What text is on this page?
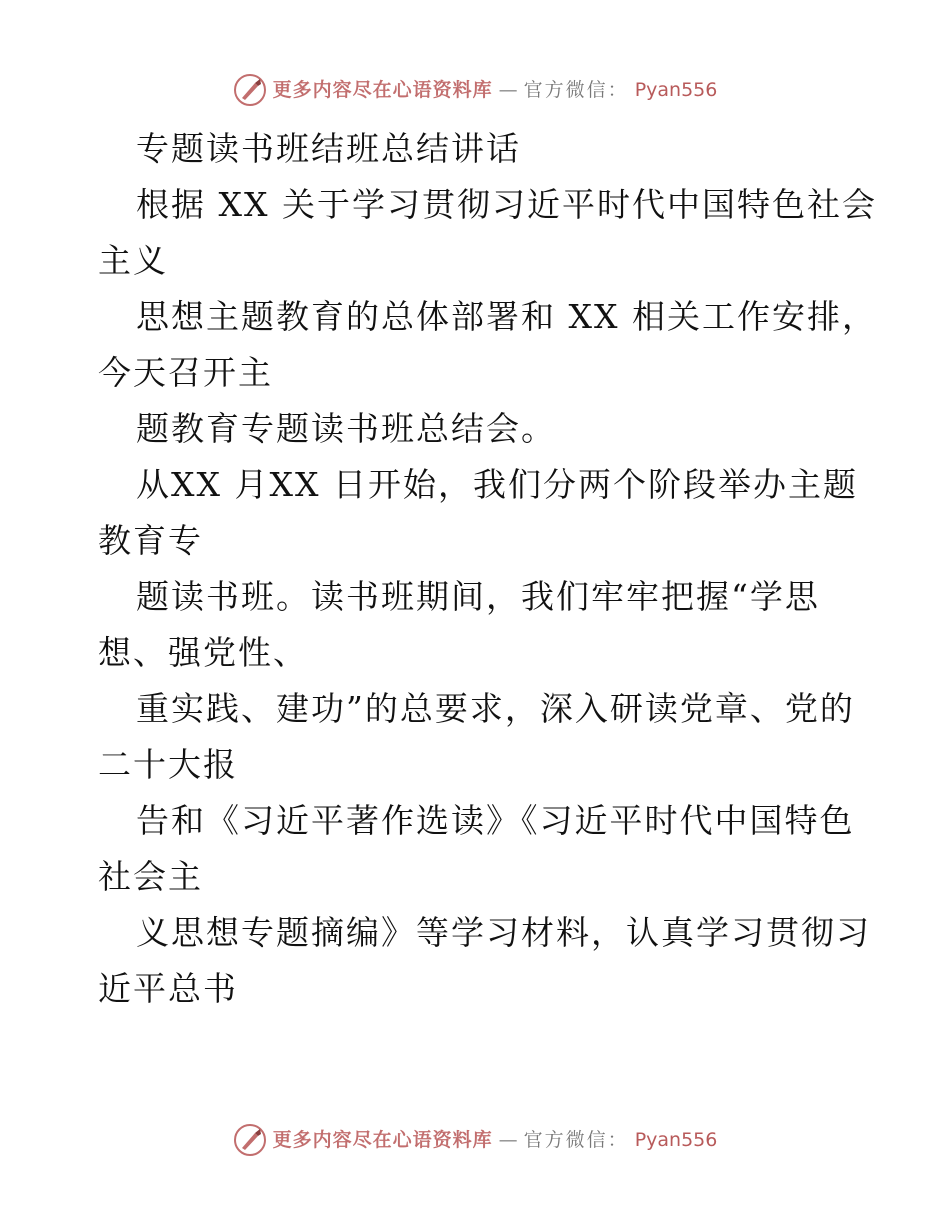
更多内容尽在心语资料库 — 官方微信： Pyan556
专题读书班结班总结讲话
根据 XX 关于学习贯彻习近平时代中国特色社会
主义
思想主题教育的总体部署和 XX 相关工作安排，
今天召开主
题教育专题读书班总结会。
从XX 月XX 日开始，我们分两个阶段举办主题
教育专
题读书班。读书班期间，我们牢牢把握“学思
想、强党性、
重实践、建功”的总要求，深入研读党章、党的
二十大报
告和《习近平著作选读》《习近平时代中国特色
社会主
义思想专题摘编》等学习材料，认真学习贯彻习
近平总书
更多内容尽在心语资料库 — 官方微信： Pyan556
